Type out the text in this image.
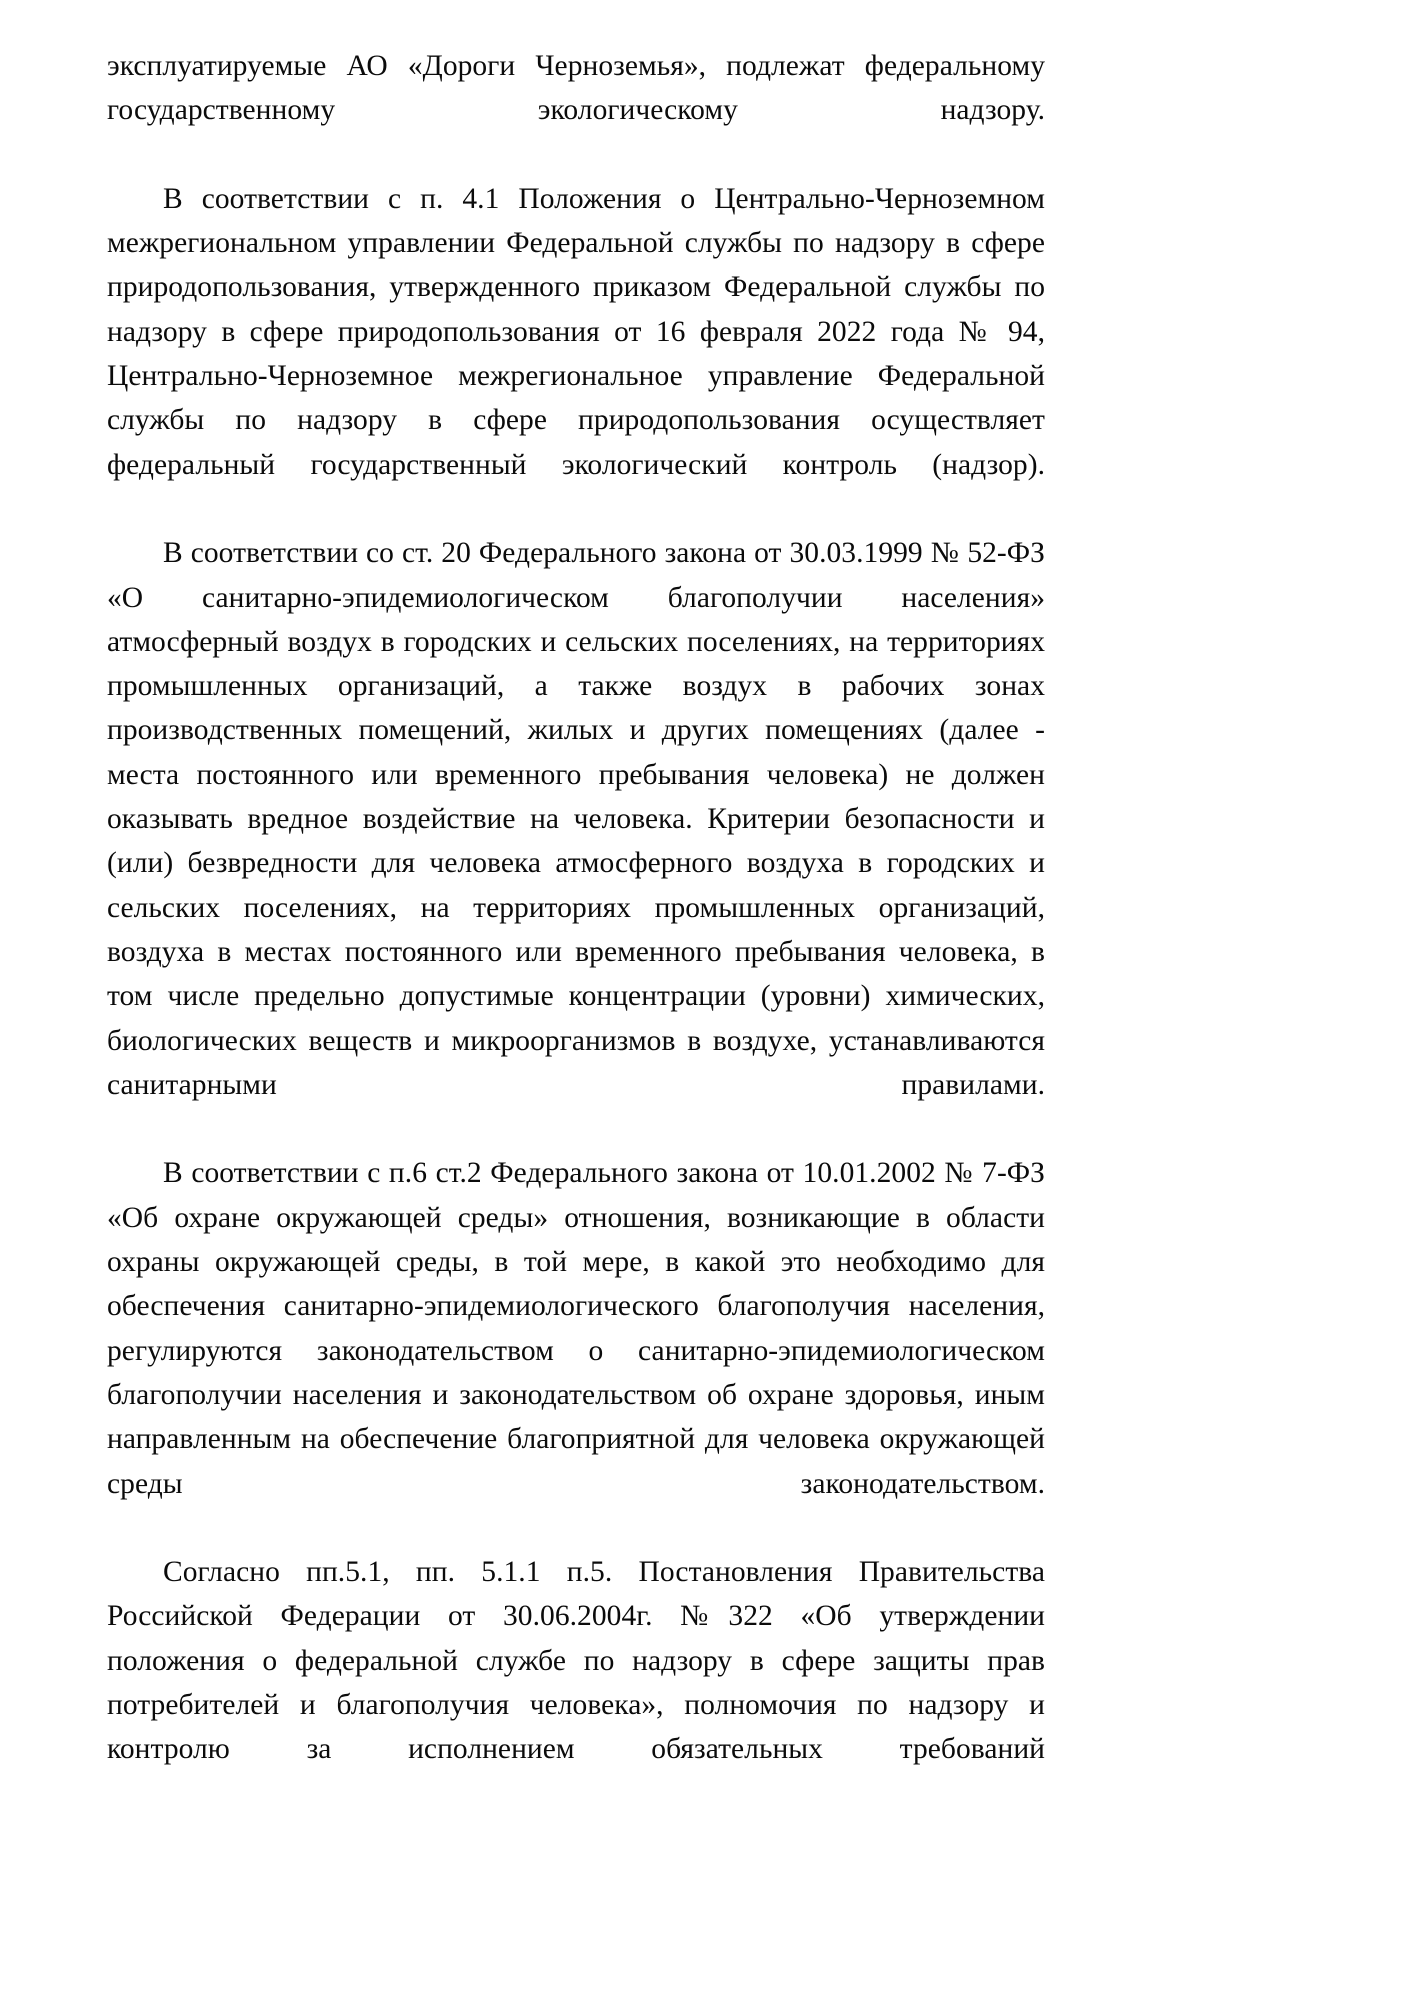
эксплуатируемые АО «Дороги Черноземья», подлежат федеральному государственному экологическому надзору.

В соответствии с п. 4.1 Положения о Центрально-Черноземном межрегиональном управлении Федеральной службы по надзору в сфере природопользования, утвержденного приказом Федеральной службы по надзору в сфере природопользования от 16 февраля 2022 года № 94, Центрально-Черноземное межрегиональное управление Федеральной службы по надзору в сфере природопользования осуществляет федеральный государственный экологический контроль (надзор).

В соответствии со ст. 20 Федерального закона от 30.03.1999 № 52-ФЗ «О санитарно-эпидемиологическом благополучии населения» атмосферный воздух в городских и сельских поселениях, на территориях промышленных организаций, а также воздух в рабочих зонах производственных помещений, жилых и других помещениях (далее - места постоянного или временного пребывания человека) не должен оказывать вредное воздействие на человека. Критерии безопасности и (или) безвредности для человека атмосферного воздуха в городских и сельских поселениях, на территориях промышленных организаций, воздуха в местах постоянного или временного пребывания человека, в том числе предельно допустимые концентрации (уровни) химических, биологических веществ и микроорганизмов в воздухе, устанавливаются санитарными правилами.

В соответствии с п.6 ст.2 Федерального закона от 10.01.2002 № 7-ФЗ «Об охране окружающей среды» отношения, возникающие в области охраны окружающей среды, в той мере, в какой это необходимо для обеспечения санитарно-эпидемиологического благополучия населения, регулируются законодательством о санитарно-эпидемиологическом благополучии населения и законодательством об охране здоровья, иным направленным на обеспечение благоприятной для человека окружающей среды законодательством.

Согласно пп.5.1, пп. 5.1.1 п.5. Постановления Правительства Российской Федерации от 30.06.2004г. №322 «Об утверждении положения о федеральной службе по надзору в сфере защиты прав потребителей и благополучия человека», полномочия по надзору и контролю за исполнением обязательных требований
